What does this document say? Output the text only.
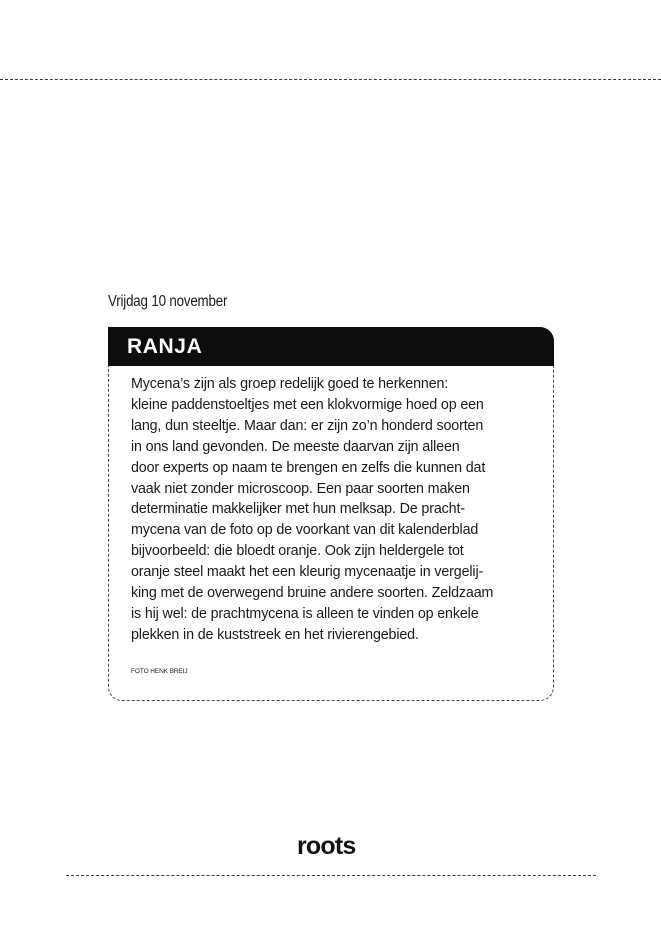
Vrijdag 10 november
RANJA

Mycena’s zijn als groep redelijk goed te herkennen:
kleine paddenstoeltjes met een klokvormige hoed op een
lang, dun steeltje. Maar dan: er zijn zo’n honderd soorten
in ons land gevonden. De meeste daarvan zijn alleen
door experts op naam te brengen en zelfs die kunnen dat
vaak niet zonder microscoop. Een paar soorten maken
determinatie makkelijker met hun melksap. De pracht-
mycena van de foto op de voorkant van dit kalenderblad
bijvoorbeeld: die bloedt oranje. Ook zijn heldergele tot
oranje steel maakt het een kleurig mycenaatje in vergelij-
king met de overwegend bruine andere soorten. Zeldzaam
is hij wel: de prachtmycena is alleen te vinden op enkele
plekken in de kuststreek en het rivierengebied.

FOTO HENK BREIJ
roots
